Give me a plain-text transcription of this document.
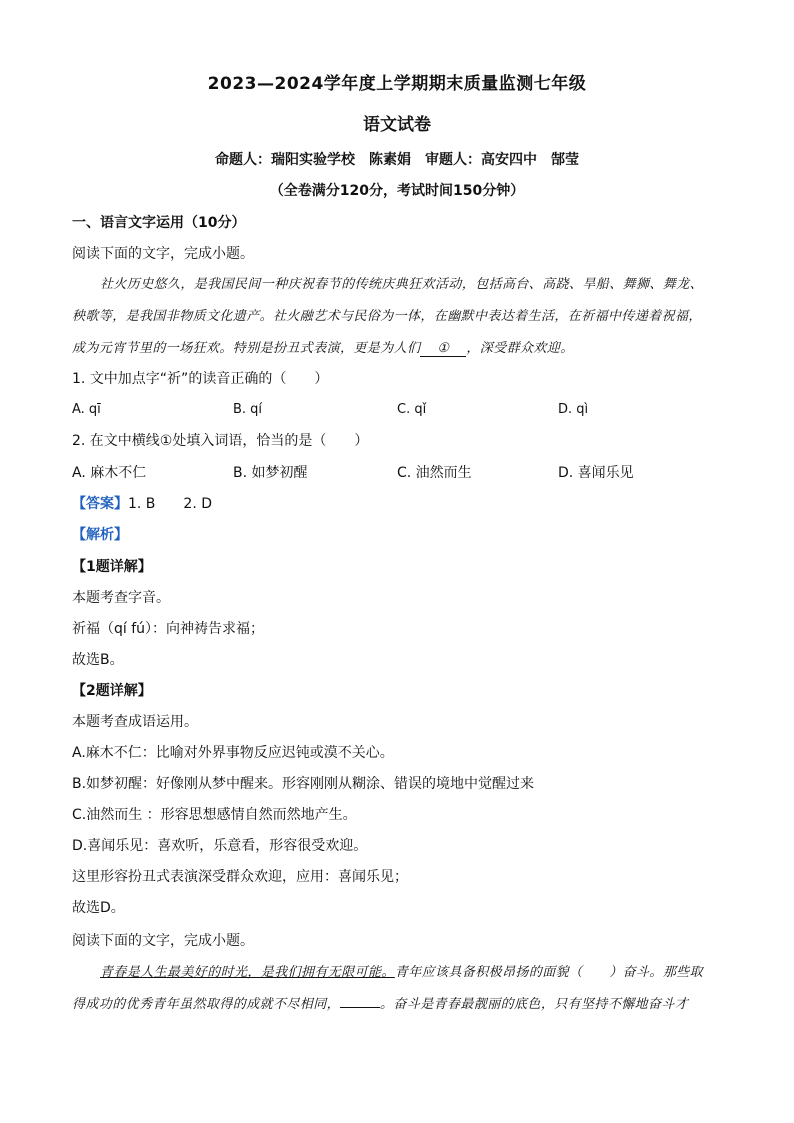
2023—2024学年度上学期期末质量监测七年级
语文试卷
命题人：瑞阳实验学校　陈素娟　审题人：高安四中　郜莹
（全卷满分120分，考试时间150分钟）
一、语言文字运用（10分）
阅读下面的文字，完成小题。
社火历史悠久，是我国民间一种庆祝春节的传统庆典狂欢活动，包括高台、高跷、旱船、舞狮、舞龙、
秧歌等，是我国非物质文化遗产。社火融艺术与民俗为一体，在幽默中表达着生活，在祈福中传递着祝福，
成为元宵节里的一场狂欢。特别是扮丑式表演，更是为人们 ① ，深受群众欢迎。
1. 文中加点字“祈”的读音正确的（　　）
A. qī	B. qí	C. qǐ	D. qì
2. 在文中横线①处填入词语，恰当的是（　　）
A. 麻木不仁	B. 如梦初醒	C. 油然而生	D. 喜闻乐见
【答案】1. B　　2. D
【解析】
【1题详解】
本题考查字音。
祈福（qí fú）：向神祷告求福；
故选B。
【2题详解】
本题考查成语运用。
A.麻木不仁：比喻对外界事物反应迟钝或漠不关心。
B.如梦初醒：好像刚从梦中醒来。形容刚刚从糊涂、错误的境地中觉醒过来
C.油然而生 ：形容思想感情自然而然地产生。
D.喜闻乐见：喜欢听，乐意看，形容很受欢迎。
这里形容扮丑式表演深受群众欢迎，应用：喜闻乐见；
故选D。
阅读下面的文字，完成小题。
青春是人生最美好的时光，是我们拥有无限可能。青年应该具备积极昂扬的面貌（　　）奋斗。那些取
得成功的优秀青年虽然取得的成就不尽相同，	。奋斗是青春最靓丽的底色，只有坚持不懈地奋斗才
